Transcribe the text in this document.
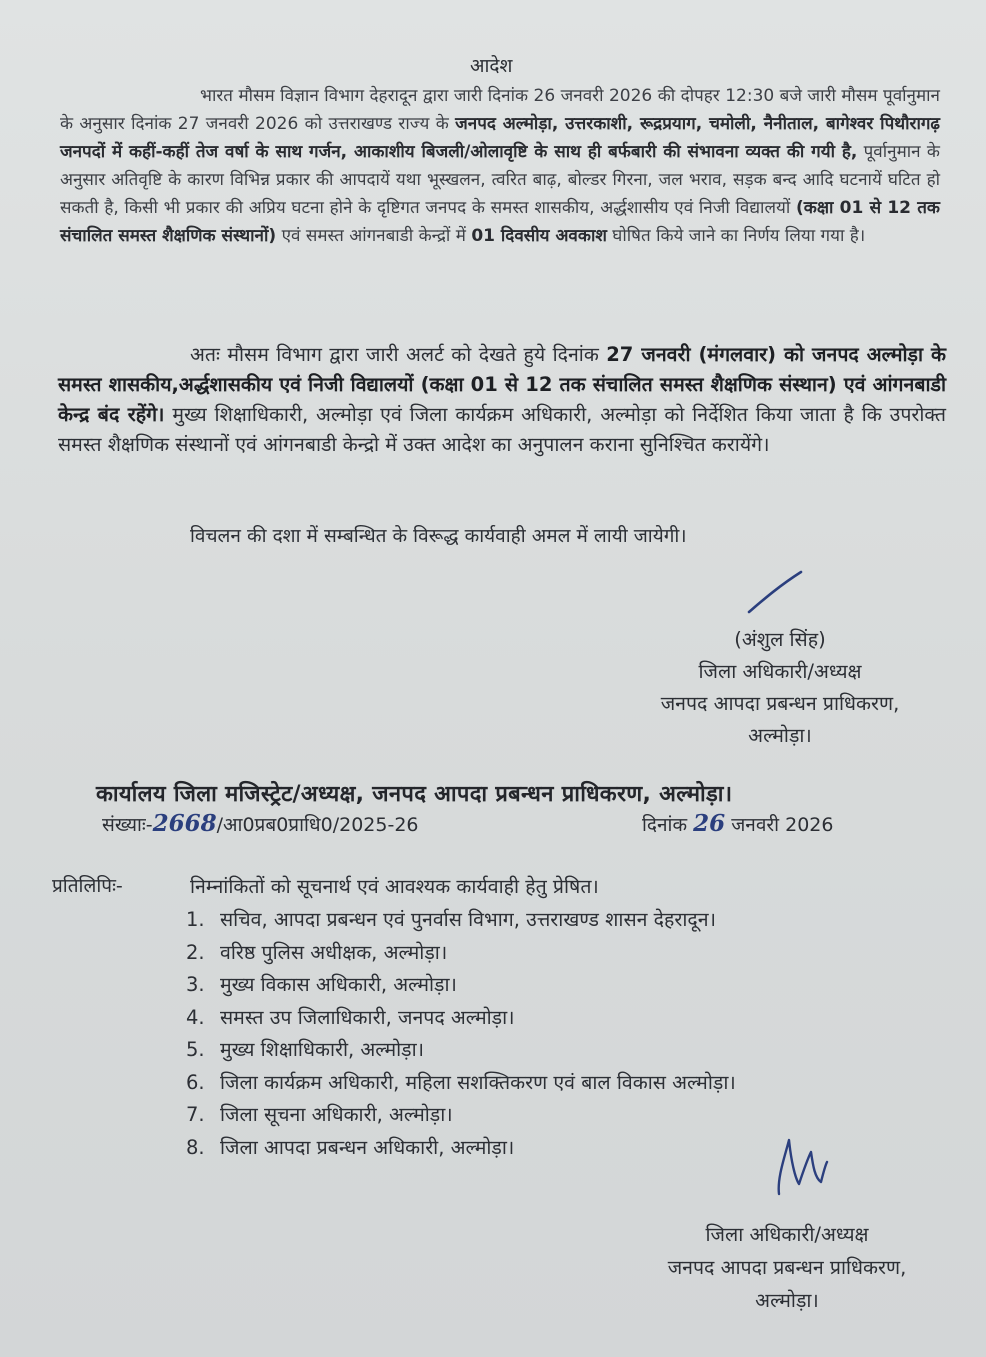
आदेश

भारत मौसम विज्ञान विभाग देहरादून द्वारा जारी दिनांक 26 जनवरी 2026 की दोपहर 12:30 बजे जारी मौसम पूर्वानुमान के अनुसार दिनांक 27 जनवरी 2026 को उत्तराखण्ड राज्य के जनपद अल्मोड़ा, उत्तरकाशी, रूद्रप्रयाग, चमोली, नैनीताल, बागेश्वर पिथौरागढ़ जनपदों में कहीं-कहीं तेज वर्षा के साथ गर्जन, आकाशीय बिजली/ओलावृष्टि के साथ ही बर्फबारी की संभावना व्यक्त की गयी है, पूर्वानुमान के अनुसार अतिवृष्टि के कारण विभिन्न प्रकार की आपदायें यथा भूस्खलन, त्वरित बाढ़, बोल्डर गिरना, जल भराव, सड़क बन्द आदि घटनायें घटित हो सकती है, किसी भी प्रकार की अप्रिय घटना होने के दृष्टिगत जनपद के समस्त शासकीय, अर्द्धशासीय एवं निजी विद्यालयों (कक्षा 01 से 12 तक संचालित समस्त शैक्षणिक संस्थानों) एवं समस्त आंगनबाडी केन्द्रों में 01 दिवसीय अवकाश घोषित किये जाने का निर्णय लिया गया है।

अतः मौसम विभाग द्वारा जारी अलर्ट को देखते हुये दिनांक 27 जनवरी (मंगलवार) को जनपद अल्मोड़ा के समस्त शासकीय,अर्द्धशासकीय एवं निजी विद्यालयों (कक्षा 01 से 12 तक संचालित समस्त शैक्षणिक संस्थान) एवं आंगनबाडी केन्द्र बंद रहेंगे। मुख्य शिक्षाधिकारी, अल्मोड़ा एवं जिला कार्यक्रम अधिकारी, अल्मोड़ा को निर्देशित किया जाता है कि उपरोक्त समस्त शैक्षणिक संस्थानों एवं आंगनबाडी केन्द्रो में उक्त आदेश का अनुपालन कराना सुनिश्चित करायेंगे।

विचलन की दशा में सम्बन्धित के विरूद्ध कार्यवाही अमल में लायी जायेगी।
(अंशुल सिंह)
जिला अधिकारी/अध्यक्ष
जनपद आपदा प्रबन्धन प्राधिकरण,
अल्मोड़ा।
कार्यालय जिला मजिस्ट्रेट/अध्यक्ष, जनपद आपदा प्रबन्धन प्राधिकरण, अल्मोड़ा।
संख्याः-2668/आ0प्रब0प्राधि0/2025-26	दिनांक 26 जनवरी 2026
प्रतिलिपिः-	निम्नांकितों को सूचनार्थ एवं आवश्यक कार्यवाही हेतु प्रेषित।
1. सचिव, आपदा प्रबन्धन एवं पुनर्वास विभाग, उत्तराखण्ड शासन देहरादून।
2. वरिष्ठ पुलिस अधीक्षक, अल्मोड़ा।
3. मुख्य विकास अधिकारी, अल्मोड़ा।
4. समस्त उप जिलाधिकारी, जनपद अल्मोड़ा।
5. मुख्य शिक्षाधिकारी, अल्मोड़ा।
6. जिला कार्यक्रम अधिकारी, महिला सशक्तिकरण एवं बाल विकास अल्मोड़ा।
7. जिला सूचना अधिकारी, अल्मोड़ा।
8. जिला आपदा प्रबन्धन अधिकारी, अल्मोड़ा।
जिला अधिकारी/अध्यक्ष
जनपद आपदा प्रबन्धन प्राधिकरण,
अल्मोड़ा।
